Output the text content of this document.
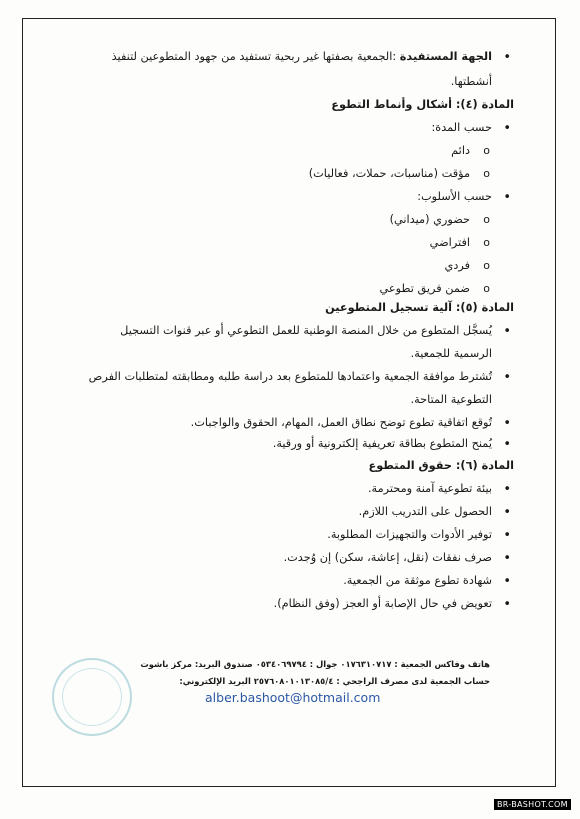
• الجهة المستفيدة :الجمعية بصفتها غير ربحية تستفيد من جهود المتطوعين لتنفيذ
أنشطتها.
المادة (٤): أشكال وأنماط التطوع
• حسب المدة:
o دائم
o مؤقت (مناسبات، حملات، فعاليات)
• حسب الأسلوب:
o حضوري (ميداني)
o افتراضي
o فردي
o ضمن فريق تطوعي
المادة (٥): آلية تسجيل المتطوعين
• يُسجَّل المتطوع من خلال المنصة الوطنية للعمل التطوعي أو عبر قنوات التسجيل
الرسمية للجمعية.
• تُشترط موافقة الجمعية واعتمادها للمتطوع بعد دراسة طلبه ومطابقته لمتطلبات الفرص
التطوعية المتاحة.
• تُوقع اتفاقية تطوع توضح نطاق العمل، المهام، الحقوق والواجبات.
• يُمنح المتطوع بطاقة تعريفية إلكترونية أو ورقية.
المادة (٦): حقوق المتطوع
• بيئة تطوعية آمنة ومحترمة.
• الحصول على التدريب اللازم.
• توفير الأدوات والتجهيزات المطلوبة.
• صرف نفقات (نقل، إعاشة، سكن) إن وُجدت.
• شهادة تطوع موثقة من الجمعية.
• تعويض في حال الإصابة أو العجز (وفق النظام).
هاتف وفاكس الجمعية : ٠١٧٦٣١٠٧١٧ جوال : ٠٥٣٤٠٦٩٧٩٤ صندوق البريد: مركز باشوت
حساب الجمعية لدى مصرف الراجحي : ٢٥٧٦٠٨٠١٠١٣٠٨٥/٤ البريد الإلكتروني:
alber.bashoot@hotmail.com
BR-BASHOT.COM
